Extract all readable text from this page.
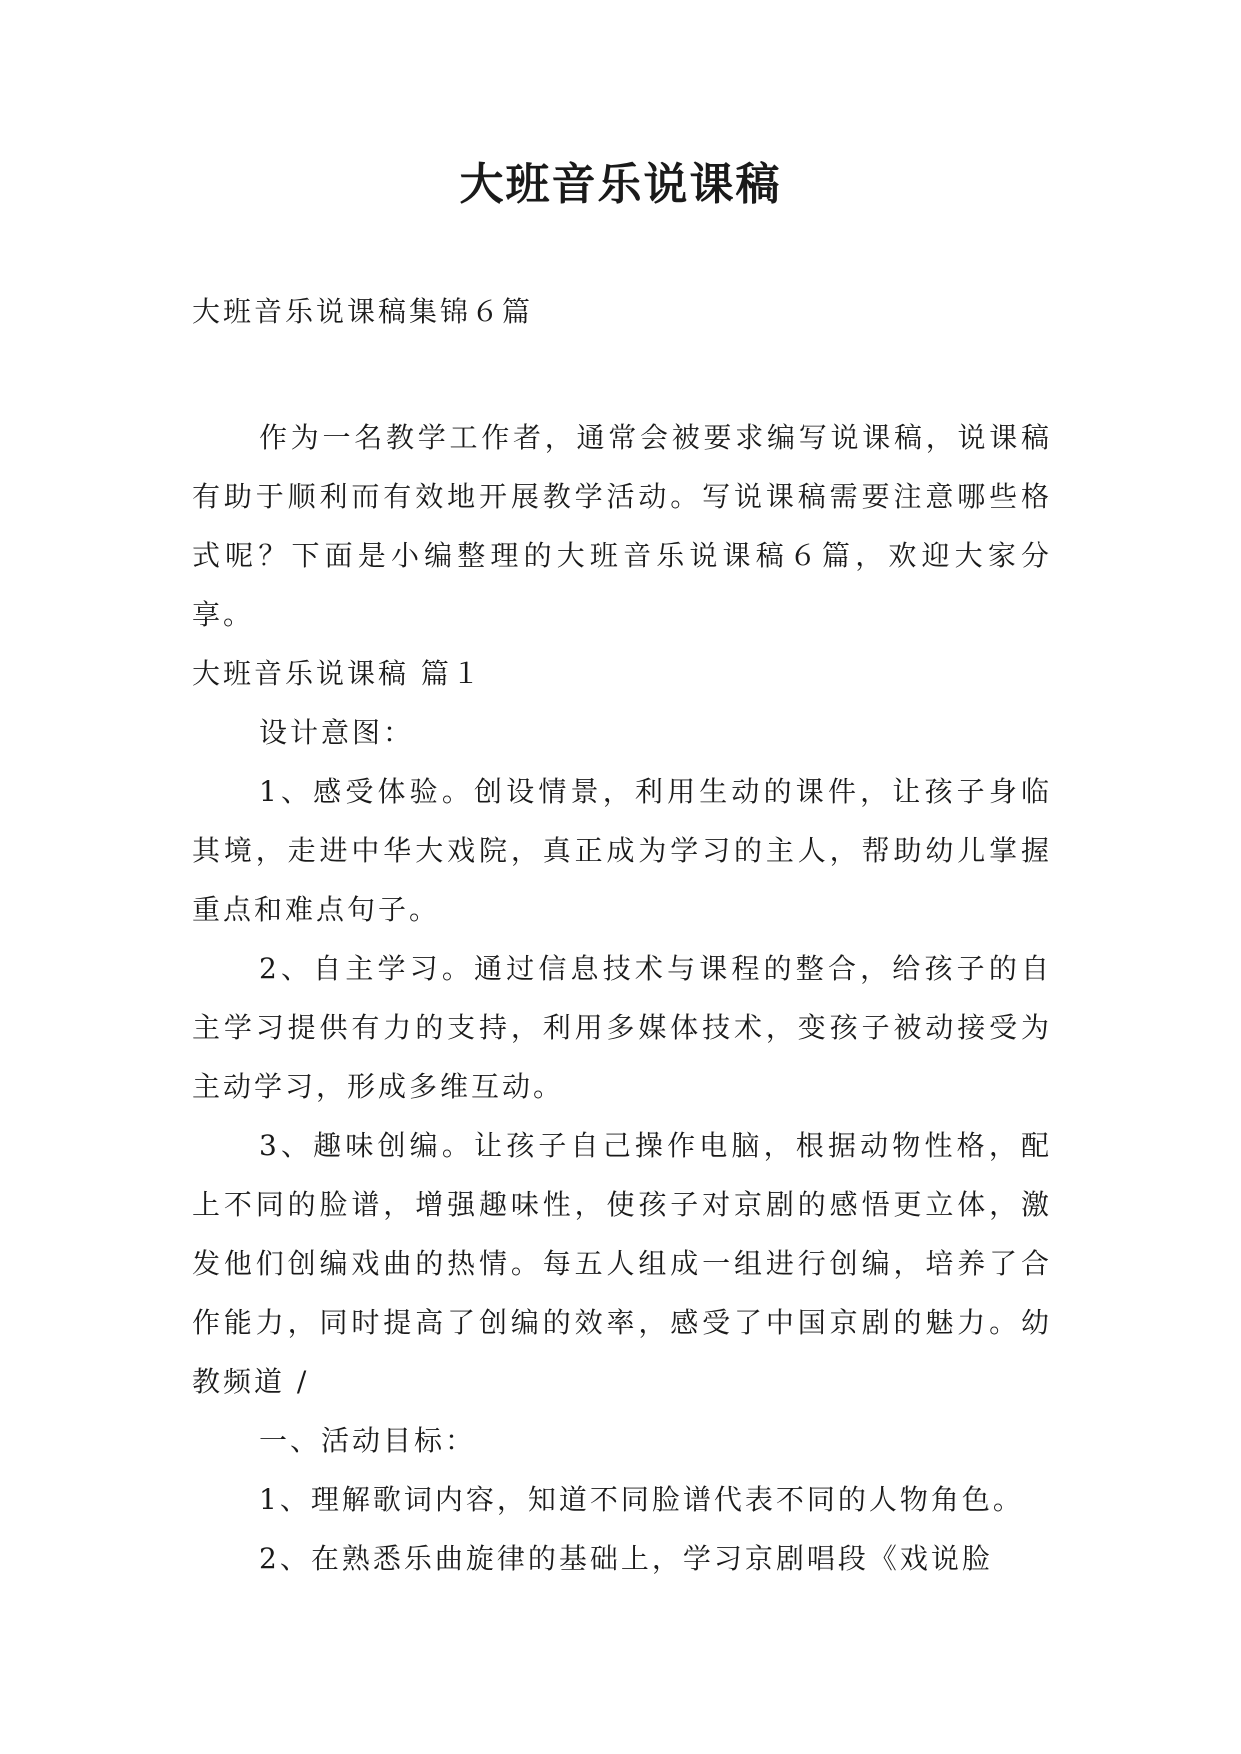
大班音乐说课稿

大班音乐说课稿集锦６篇

作为一名教学工作者，通常会被要求编写说课稿，说课稿有助于顺利而有效地开展教学活动。写说课稿需要注意哪些格式呢？下面是小编整理的大班音乐说课稿６篇，欢迎大家分享。

大班音乐说课稿 篇１

设计意图：

1、感受体验。创设情景，利用生动的课件，让孩子身临其境，走进中华大戏院，真正成为学习的主人，帮助幼儿掌握重点和难点句子。

2、自主学习。通过信息技术与课程的整合，给孩子的自主学习提供有力的支持，利用多媒体技术，变孩子被动接受为主动学习，形成多维互动。

3、趣味创编。让孩子自己操作电脑，根据动物性格，配上不同的脸谱，增强趣味性，使孩子对京剧的感悟更立体，激发他们创编戏曲的热情。每五人组成一组进行创编，培养了合作能力，同时提高了创编的效率，感受了中国京剧的魅力。幼教频道 /

一、活动目标：

1、理解歌词内容，知道不同脸谱代表不同的人物角色。

2、在熟悉乐曲旋律的基础上，学习京剧唱段《戏说脸
